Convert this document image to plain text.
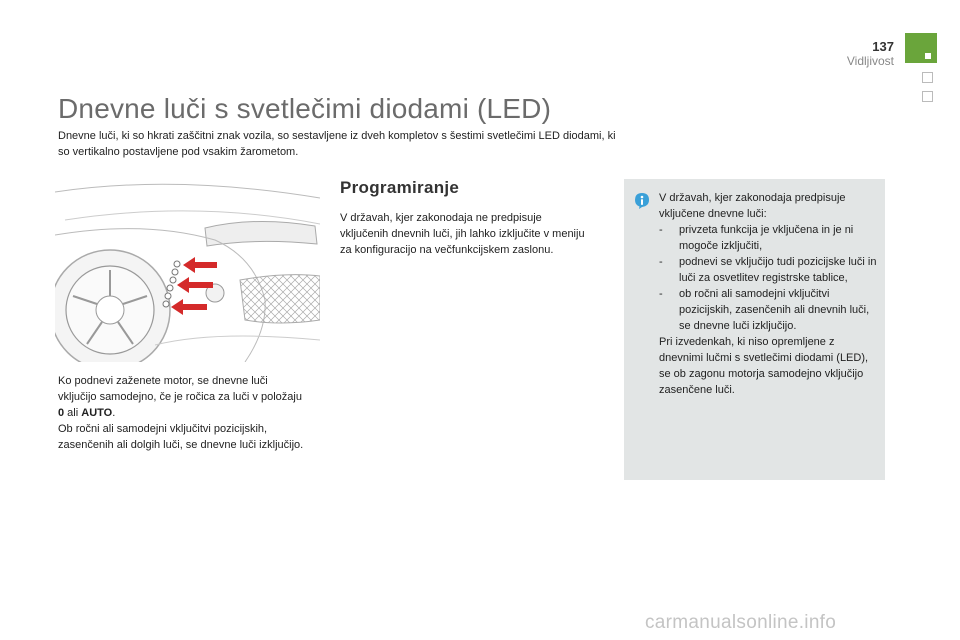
137
Vidljivost
Dnevne luči s svetlečimi diodami (LED)

Dnevne luči, ki so hkrati zaščitni znak vozila, so sestavljene iz dveh kompletov s šestimi svetlečimi LED diodami, ki so vertikalno postavljene pod vsakim žarometom.

Ko podnevi zaženete motor, se dnevne luči vključijo samodejno, če je ročica za luči v položaju 0 ali AUTO.
Ob ročni ali samodejni vključitvi pozicijskih, zasenčenih ali dolgih luči, se dnevne luči izključijo.

Programiranje

V državah, kjer zakonodaja ne predpisuje vključenih dnevnih luči, jih lahko izključite v meniju za konfiguracijo na večfunkcijskem zaslonu.

V državah, kjer zakonodaja predpisuje vključene dnevne luči:

- privzeta funkcija je vključena in je ni mogoče izključiti,
- podnevi se vključijo tudi pozicijske luči in luči za osvetlitev registrske tablice,
- ob ročni ali samodejni vključitvi pozicijskih, zasenčenih ali dnevnih luči, se dnevne luči izključijo.

Pri izvedenkah, ki niso opremljene z dnevnimi lučmi s svetlečimi diodami (LED), se ob zagonu motorja samodejno vključijo zasenčene luči.

carmanualsonline.info
